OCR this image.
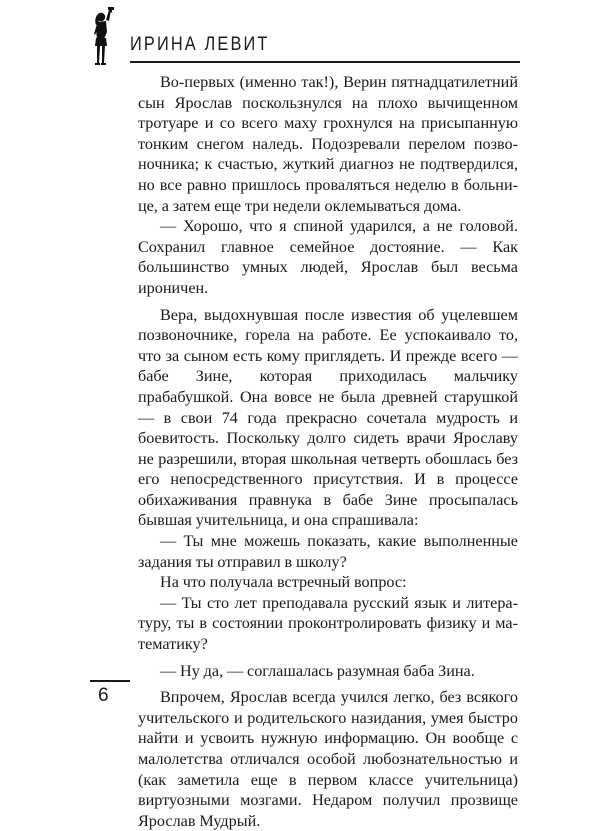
ИРИНА ЛЕВИТ

Во-первых (именно так!), Верин пятнадцатилетний сын Ярослав поскользнулся на плохо вычищенном тротуаре и со всего маху грохнулся на присыпанную тонким снегом наледь. Подозревали перелом позвоночника; к счастью, жуткий диагноз не подтвердился, но все равно пришлось проваляться неделю в больнице, а затем еще три недели оклемываться дома.

— Хорошо, что я спиной ударился, а не головой. Сохранил главное семейное достояние. — Как большинство умных людей, Ярослав был весьма ироничен.

Вера, выдохнувшая после известия об уцелевшем позвоночнике, горела на работе. Ее успокаивало то, что за сыном есть кому приглядеть. И прежде всего — бабе Зине, которая приходилась мальчику прабабушкой. Она вовсе не была древней старушкой — в свои 74 года прекрасно сочетала мудрость и боевитость. Поскольку долго сидеть врачи Ярославу не разрешили, вторая школьная четверть обошлась без его непосредственного присутствия. И в процессе обихаживания правнука в бабе Зине просыпалась бывшая учительница, и она спрашивала:

— Ты мне можешь показать, какие выполненные задания ты отправил в школу?

На что получала встречный вопрос:

— Ты сто лет преподавала русский язык и литературу, ты в состоянии проконтролировать физику и математику?

— Ну да, — соглашалась разумная баба Зина.

Впрочем, Ярослав всегда учился легко, без всякого учительского и родительского назидания, умея быстро найти и усвоить нужную информацию. Он вообще с малолетства отличался особой любознательностью и (как заметила еще в первом классе учительница) виртуозными мозгами. Недаром получил прозвище Ярослав Мудрый.

6
